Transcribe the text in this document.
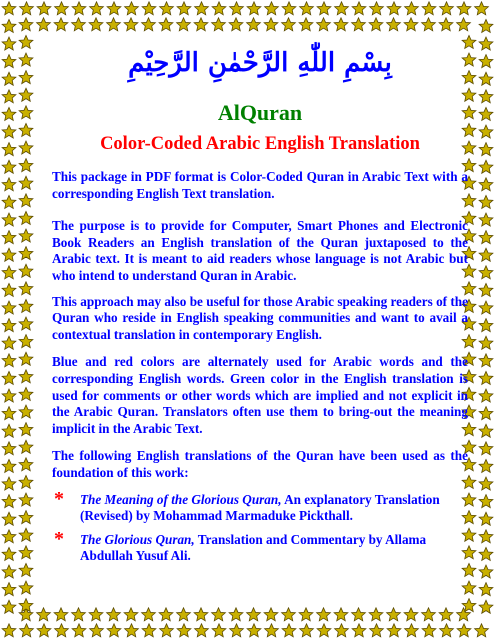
بِسْمِ اللّٰهِ الرَّحْمٰنِ الرَّحِيْمِ
AlQuran
Color-Coded Arabic English Translation

This package in PDF format is Color-Coded Quran in Arabic Text with a corresponding English Text translation.

The purpose is to provide for Computer, Smart Phones and Electronic Book Readers an English translation of the Quran juxtaposed to the Arabic text. It is meant to aid readers whose language is not Arabic but who intend to understand Quran in Arabic.

This approach may also be useful for those Arabic speaking readers of the Quran who reside in English speaking communities and want to avail a contextual translation in contemporary English.

Blue and red colors are alternately used for Arabic words and the corresponding English words. Green color in the English translation is used for comments or other words which are implied and not explicit in the Arabic Quran. Translators often use them to bring-out the meaning implicit in the Arabic Text.

The following English translations of the Quran have been used as the foundation of this work:

* The Meaning of the Glorious Quran, An explanatory Translation (Revised) by Mohammad Marmaduke Pickthall.
* The Glorious Quran, Translation and Commentary by Allama Abdullah Yusuf Ali.
